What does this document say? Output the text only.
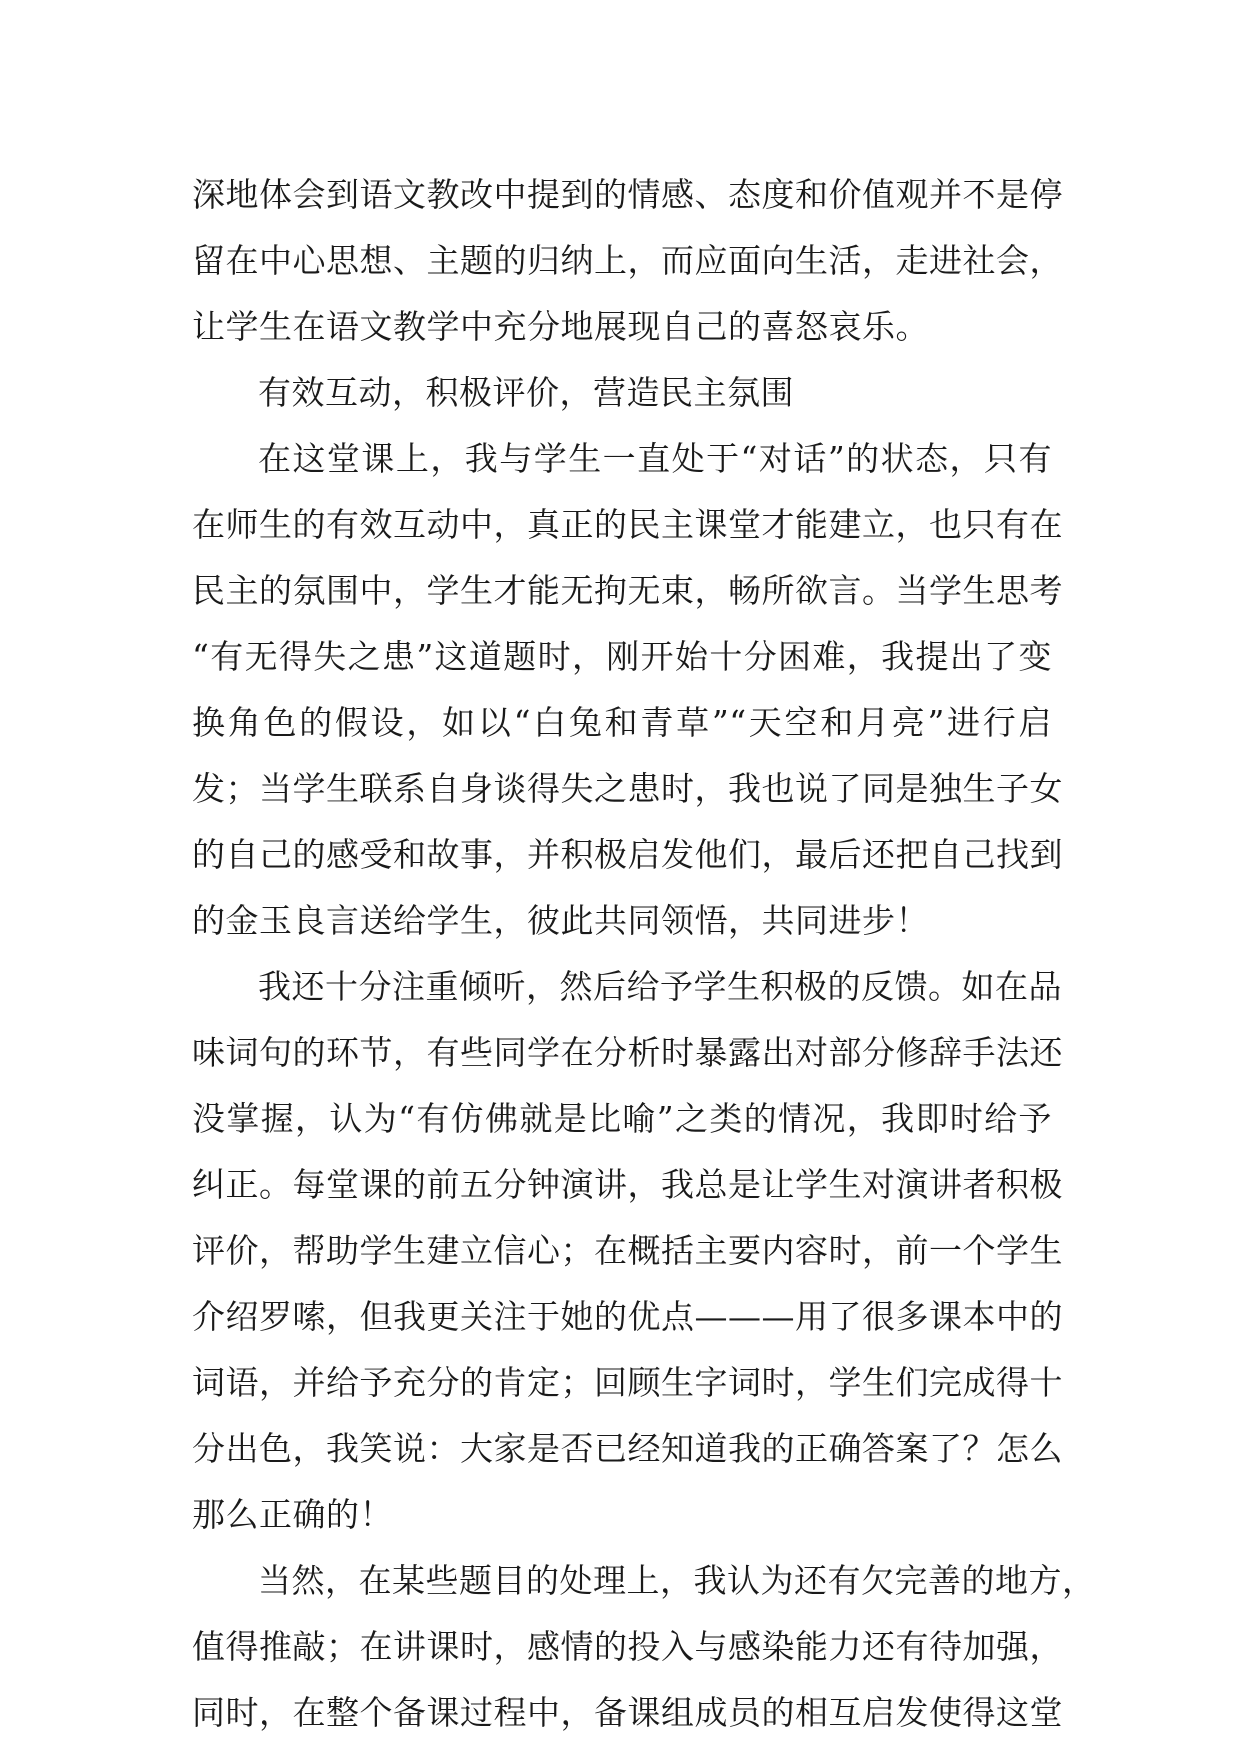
深地体会到语文教改中提到的情感、态度和价值观并不是停
留在中心思想、主题的归纳上，而应面向生活，走进社会，
让学生在语文教学中充分地展现自己的喜怒哀乐。
有效互动，积极评价，营造民主氛围
在这堂课上，我与学生一直处于“对话”的状态，只有
在师生的有效互动中，真正的民主课堂才能建立，也只有在
民主的氛围中，学生才能无拘无束，畅所欲言。当学生思考
“有无得失之患”这道题时，刚开始十分困难，我提出了变
换角色的假设，如以“白兔和青草”“天空和月亮”进行启
发；当学生联系自身谈得失之患时，我也说了同是独生子女
的自己的感受和故事，并积极启发他们，最后还把自己找到
的金玉良言送给学生，彼此共同领悟，共同进步！
我还十分注重倾听，然后给予学生积极的反馈。如在品
味词句的环节，有些同学在分析时暴露出对部分修辞手法还
没掌握，认为“有仿佛就是比喻”之类的情况，我即时给予
纠正。每堂课的前五分钟演讲，我总是让学生对演讲者积极
评价，帮助学生建立信心；在概括主要内容时，前一个学生
介绍罗嗦，但我更关注于她的优点———用了很多课本中的
词语，并给予充分的肯定；回顾生字词时，学生们完成得十
分出色，我笑说：大家是否已经知道我的正确答案了？怎么
那么正确的！
当然，在某些题目的处理上，我认为还有欠完善的地方，
值得推敲；在讲课时，感情的投入与感染能力还有待加强，
同时，在整个备课过程中，备课组成员的相互启发使得这堂
